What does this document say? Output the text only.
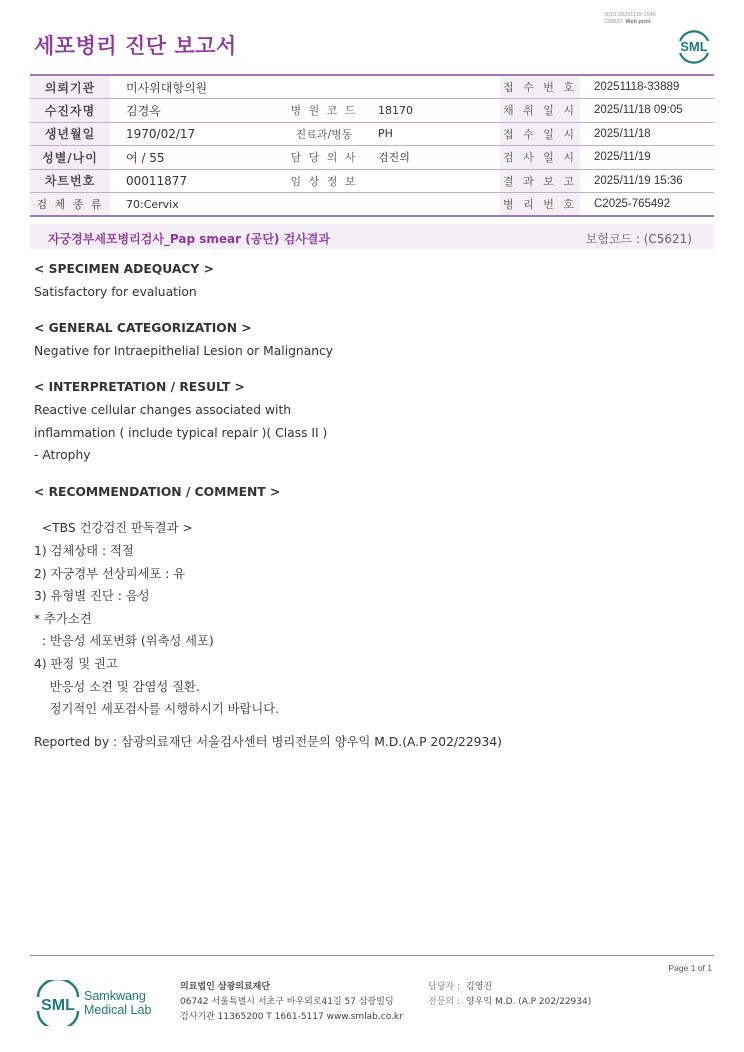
3019-20251119-1545
220022 Web print
세포병리 진단 보고서	SML
의뢰기관	미사위대항의원			접 수 번 호	20251118-33889
수진자명	김경옥	병 원 코 드	18170	채 취 일 시	2025/11/18 09:05
생년월일	1970/02/17	진료과/병동	PH	접 수 일 시	2025/11/18
성별/나이	여 / 55	담 당 의 사	검진의	검 사 일 시	2025/11/19
차트번호	00011877	임 상 정 보		결 과 보 고	2025/11/19 15:36
검 체 종 류	70:Cervix			병 리 번 호	C2025-765492
자궁경부세포병리검사_Pap smear (공단) 검사결과	보험코드 : (C5621)
< SPECIMEN ADEQUACY >
Satisfactory for evaluation
< GENERAL CATEGORIZATION >
Negative for Intraepithelial Lesion or Malignancy
< INTERPRETATION / RESULT >
Reactive cellular changes associated with
inflammation ( include typical repair )( Class II )
- Atrophy
< RECOMMENDATION / COMMENT >
<TBS 건강검진 판독결과 >
1) 검체상태 : 적절
2) 자궁경부 선상피세포 : 유
3) 유형별 진단 : 음성
* 추가소견
: 반응성 세포변화 (위축성 세포)
4) 판정 및 권고
반응성 소견 및 감염성 질환.
정기적인 세포검사를 시행하시기 바랍니다.
Reported by : 삼광의료재단 서울검사센터 병리전문의 양우익 M.D.(A.P 202/22934)
Page 1 of 1
SML
Samkwang
Medical Lab
의료법인 삼광의료재단
06742 서울특별시 서초구 바우뫼로41길 57 삼광빌딩
검사기관 11365200 T 1661-5117 www.smlab.co.kr
담당자 : 김영진
전문의 : 양우익 M.D. (A.P 202/22934)
